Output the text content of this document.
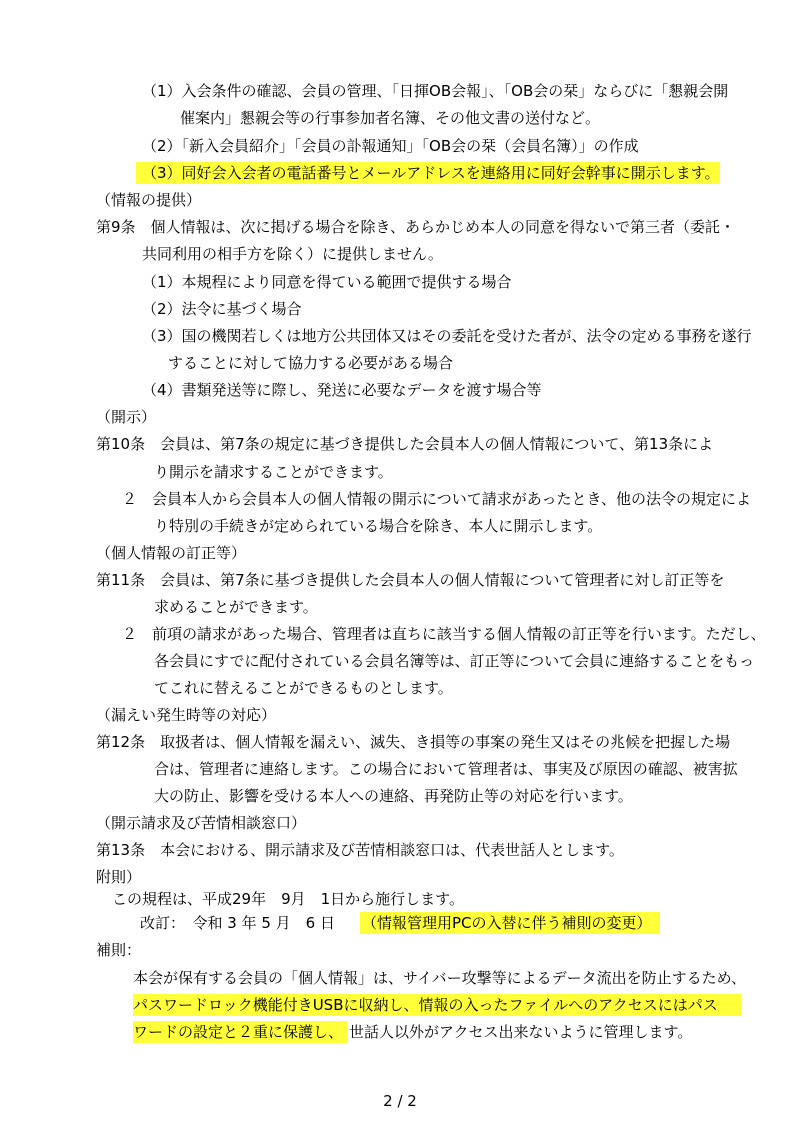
（1）入会条件の確認、会員の管理、「日揮OB会報」、「OB会の栞」ならびに「懇親会開
催案内」懇親会等の行事参加者名簿、その他文書の送付など。
（2）「新入会員紹介」「会員の訃報通知」「OB会の栞（会員名簿）」の作成
（3）同好会入会者の電話番号とメールアドレスを連絡用に同好会幹事に開示します。
（情報の提供）
第9条　個人情報は、次に掲げる場合を除き、あらかじめ本人の同意を得ないで第三者（委託・
共同利用の相手方を除く）に提供しません。
（1）本規程により同意を得ている範囲で提供する場合
（2）法令に基づく場合
（3）国の機関若しくは地方公共団体又はその委託を受けた者が、法令の定める事務を遂行
することに対して協力する必要がある場合
（4）書類発送等に際し、発送に必要なデータを渡す場合等
（開示）
第10条　会員は、第7条の規定に基づき提供した会員本人の個人情報について、第13条によ
り開示を請求することができます。
２　会員本人から会員本人の個人情報の開示について請求があったとき、他の法令の規定によ
り特別の手続きが定められている場合を除き、本人に開示します。
（個人情報の訂正等）
第11条　会員は、第7条に基づき提供した会員本人の個人情報について管理者に対し訂正等を
求めることができます。
２　前項の請求があった場合、管理者は直ちに該当する個人情報の訂正等を行います。ただし、
各会員にすでに配付されている会員名簿等は、訂正等について会員に連絡することをもっ
てこれに替えることができるものとします。
（漏えい発生時等の対応）
第12条　取扱者は、個人情報を漏えい、滅失、き損等の事案の発生又はその兆候を把握した場
合は、管理者に連絡します。この場合において管理者は、事実及び原因の確認、被害拡
大の防止、影響を受ける本人への連絡、再発防止等の対応を行います。
（開示請求及び苦情相談窓口）
第13条　本会における、開示請求及び苦情相談窓口は、代表世話人とします。
附則）
この規程は、平成29年　9月　1日から施行します。
改訂：　令和 3 年 5 月　6 日 （情報管理用PCの入替に伴う補則の変更）
補則：
本会が保有する会員の「個人情報」は、サイバー攻撃等によるデータ流出を防止するため、
パスワードロック機能付きUSBに収納し、情報の入ったファイルへのアクセスにはパス
ワードの設定と２重に保護し、 世話人以外がアクセス出来ないように管理します。
2 / 2
